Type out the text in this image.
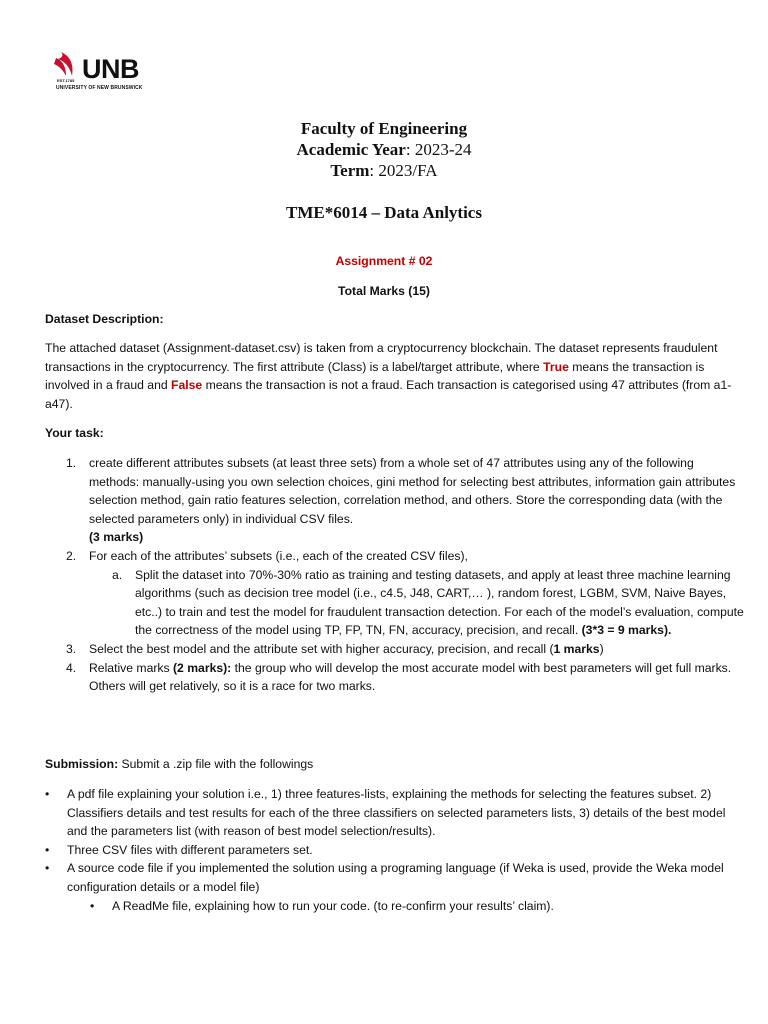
UNB
EST.1785
UNIVERSITY OF NEW BRUNSWICK
Faculty of Engineering
Academic Year: 2023-24
Term: 2023/FA
TME*6014 – Data Anlytics
Assignment # 02
Total Marks (15)
Dataset Description:

The attached dataset (Assignment-dataset.csv) is taken from a cryptocurrency blockchain. The dataset represents fraudulent transactions in the cryptocurrency. The first attribute (Class) is a label/target attribute, where True means the transaction is involved in a fraud and False means the transaction is not a fraud. Each transaction is categorised using 47 attributes (from a1- a47).

Your task:
1. create different attributes subsets (at least three sets) from a whole set of 47 attributes using any of the following methods: manually-using you own selection choices, gini method for selecting best attributes, information gain attributes selection method, gain ratio features selection, correlation method, and others. Store the corresponding data (with the selected parameters only) in individual CSV files.
(3 marks)
2. For each of the attributes’ subsets (i.e., each of the created CSV files),
a. Split the dataset into 70%-30% ratio as training and testing datasets, and apply at least three machine learning algorithms (such as decision tree model (i.e., c4.5, J48, CART,… ), random forest, LGBM, SVM, Naive Bayes, etc..) to train and test the model for fraudulent transaction detection. For each of the model’s evaluation, compute the correctness of the model using TP, FP, TN, FN, accuracy, precision, and recall. (3*3 = 9 marks).
3. Select the best model and the attribute set with higher accuracy, precision, and recall (1 marks)
4. Relative marks (2 marks): the group who will develop the most accurate model with best parameters will get full marks. Others will get relatively, so it is a race for two marks.
Submission: Submit a .zip file with the followings
• A pdf file explaining your solution i.e., 1) three features-lists, explaining the methods for selecting the features subset. 2) Classifiers details and test results for each of the three classifiers on selected parameters lists, 3) details of the best model and the parameters list (with reason of best model selection/results).
• Three CSV files with different parameters set.
• A source code file if you implemented the solution using a programing language (if Weka is used, provide the Weka model configuration details or a model file)
• A ReadMe file, explaining how to run your code. (to re-confirm your results’ claim).
